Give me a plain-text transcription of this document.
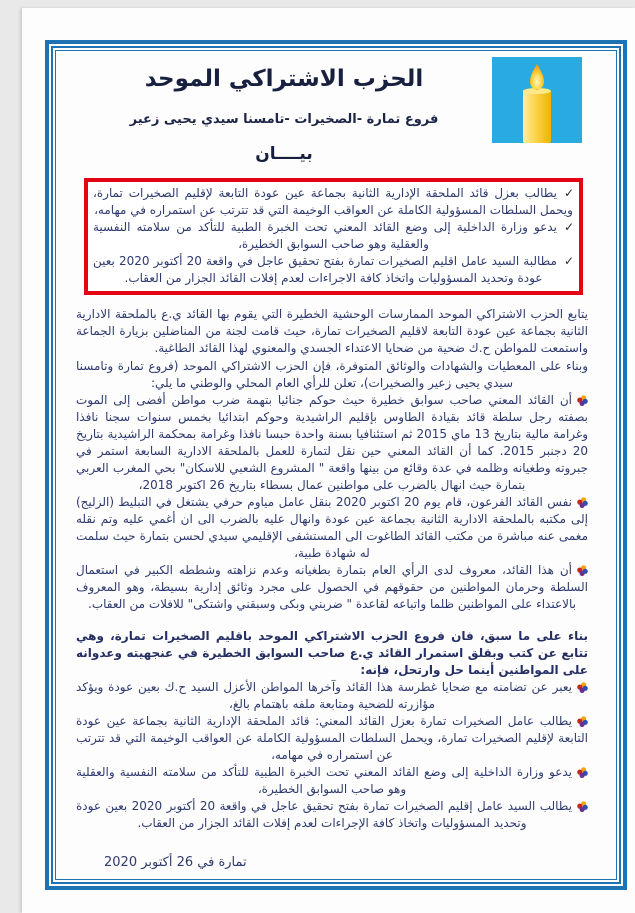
الحزب الاشتراكي الموحد
فروع تمارة -الصخيرات -تامسنا سيدي يحيى زعير
بيــــان
✓
يطالب بعزل قائد الملحقة الإدارية الثانية بجماعة عين عودة التابعة لإقليم الصخيرات تمارة، ويحمل السلطات المسؤولية الكاملة عن العواقب الوخيمة التي قد تترتب عن استمراره في مهامه،
✓
يدعو وزارة الداخلية إلى وضع القائد المعني تحت الخبرة الطبية للتأكد من سلامته النفسية والعقلية وهو صاحب السوابق الخطيرة،
✓
مطالبة السيد عامل اقليم الصخيرات تمارة بفتح تحقيق عاجل في واقعة 20 أكتوبر 2020 بعين عودة وتحديد المسؤوليات واتخاذ كافة الاجراءات لعدم إفلات القائد الجزار من العقاب.
يتابع الحزب الاشتراكي الموحد الممارسات الوحشية الخطيرة التي يقوم بها القائد ي.ع بالملحقة الادارية الثانية بجماعة عين عودة التابعة لاقليم الصخيرات تمارة، حيث قامت لجنة من المناضلين بزيارة الجماعة واستمعت للمواطن ح.ك ضحية من ضحايا الاعتداء الجسدي والمعنوي لهذا القائد الطاغية.
وبناء على المعطيات والشهادات والوثائق المتوفرة، فإن الحزب الاشتراكي الموحد (فروع تمارة وتامسنا سيدي يحيى زعير والصخيرات)، تعلن للرأي العام المحلي والوطني ما يلي:
أن القائد المعني صاحب سوابق خطيرة حيث حوكم جنائيا بتهمة ضرب مواطن أفضى إلى الموت بصفته رجل سلطة قائد بقيادة الطاوس بإقليم الراشيدية وحوكم ابتدائيا بخمس سنوات سجنا نافذا وغرامة مالية بتاريخ 13 ماي 2015 ثم استئنافيا بسنة واحدة حبسا نافذا وغرامة بمحكمة الراشيدية بتاريخ 20 دجنبر 2015. كما أن القائد المعني حين نقل لتمارة للعمل بالملحقة الادارية السابعة استمر في جبروته وطغيانه وظلمه في عدة وقائع من بينها واقعة " المشروع الشعبي للاسكان" بحي المغرب العربي بتمارة حيث انهال بالضرب على مواطنين عمال بسطاء بتاريخ 26 اكتوبر 2018،
نفس القائد الفرعون، قام يوم 20 اكتوبر 2020 بنقل عامل مياوم حرفي يشتغل في التبليط (الزليج) إلى مكتبه بالملحقة الادارية الثانية بجماعة عين عودة وانهال عليه بالضرب الى ان أغمي عليه وتم نقله مغمى عنه مباشرة من مكتب القائد الطاغوت الى المستشفى الإقليمي سيدي لحسن بتمارة حيث سلمت له شهادة طبية،
أن هذا القائد، معروف لدى الرأي العام بتمارة بطغيانه وعدم نزاهته وشططه الكبير في استعمال السلطة وحرمان المواطنين من حقوقهم في الحصول على مجرد وثائق إدارية بسيطة، وهو المعروف بالاعتداء على المواطنين ظلما واتباعه لقاعدة " ضربني وبكى وسبقني واشتكى" للافلات من العقاب.
بناء على ما سبق، فان فروع الحزب الاشتراكي الموحد باقليم الصخيرات تمارة، وهي تتابع عن كتب وبقلق استمرار القائد ي.ع صاحب السوابق الخطيرة في عنجهيته وعدوانه على المواطنين أينما حل وارتحل، فإنه:
يعبر عن تضامنه مع ضحايا غطرسة هذا القائد وآخرها المواطن الأعزل السيد ح.ك بعين عودة ويؤكد مؤازرته للضحية ومتابعة ملفه باهتمام بالغ،
يطالب عامل الصخيرات تمارة بعزل القائد المعني: قائد الملحقة الإدارية الثانية بجماعة عين عودة التابعة لإقليم الصخيرات تمارة، ويحمل السلطات المسؤولية الكاملة عن العواقب الوخيمة التي قد تترتب عن استمراره في مهامه،
يدعو وزارة الداخلية إلى وضع القائد المعني تحت الخبرة الطبية للتأكد من سلامته النفسية والعقلية وهو صاحب السوابق الخطيرة،
يطالب السيد عامل إقليم الصخيرات تمارة بفتح تحقيق عاجل في واقعة 20 أكتوبر 2020 بعين عودة وتحديد المسؤوليات واتخاذ كافة الإجراءات لعدم إفلات القائد الجزار من العقاب.
تمارة في 26 أكتوبر 2020
